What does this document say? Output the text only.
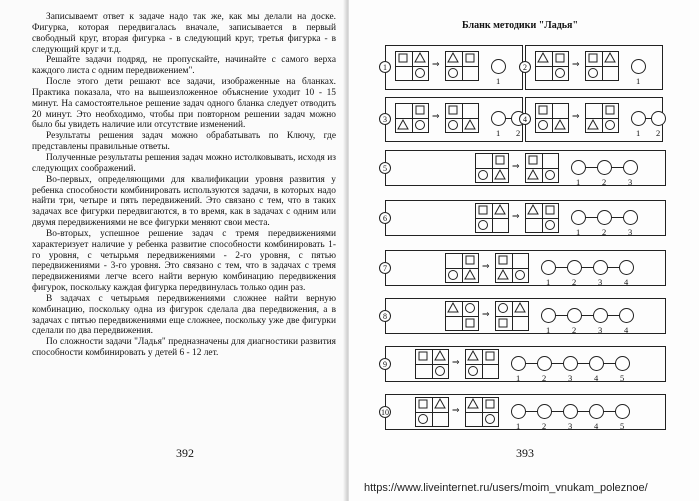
Записываемт ответ к задаче надо так же, как мы делали на доске. Фигурка, которая передвигалась вначале, записывается в первый свободный круг, вторая фигурка - в следующий круг, третья фигурка - в следующий круг и т.д.

Решайте задачи подряд, не пропускайте, начинайте с самого верха каждого листа с одним передвижением".

После этого дети решают все задачи, изображенные на бланках. Практика показала, что на вышеизложенное объяснение уходит 10 - 15 минут. На самостоятельное решение задач одного бланка следует отводить 20 минут. Это необходимо, чтобы при повторном решении задач можно было бы увидеть наличие или отсутствие изменений.

Результаты решения задач можно обрабатывать по Ключу, где представлены правильные ответы.

Полученные результаты решения задач можно истолковывать, исходя из следующих соображений.

Во-первых, определяющими для квалификации уровня развития у ребенка способности комбинировать используются задачи, в которых надо найти три, четыре и пять передвижений. Это связано с тем, что в таких задачах все фигурки передвигаются, в то время, как в задачах с одним или двумя передвижениями не все фигурки меняют свои места.

Во-вторых, успешное решение задач с тремя передвижениями характеризует наличие у ребенка развитие способности комбинировать 1-го уровня, с четырьмя передвижениями - 2-го уровня, с пятью передвижениями - 3-го уровня. Это связано с тем, что в задачах с тремя передвижениями легче всего найти верную комбинацию передвижения фигурок, поскольку каждая фигурка передвинулась только один раз.

В задачах с четырьмя передвижениями сложнее найти верную комбинацию, поскольку одна из фигурок сделала два передвижения, а в задачах с пятью передвижениями еще сложнее, поскольку уже две фигурки сделали по два передвижения.

По сложности задачи "Ладья" предназначены для диагностики развития способности комбинировать у детей 6 - 12 лет.

392
Бланк методики "Ладья"
1	⇒
1
2	⇒
1
3	⇒
1 2
4	⇒
1 2
5	⇒
1	2	3
6	⇒
1	2	3
7	⇒
1	2	3	4
8	⇒
1	2	3	4
9	⇒
1	2	3	4	5
10	⇒
1	2	3	4	5
393
https://www.liveinternet.ru/users/moim_vnukam_poleznoe/
